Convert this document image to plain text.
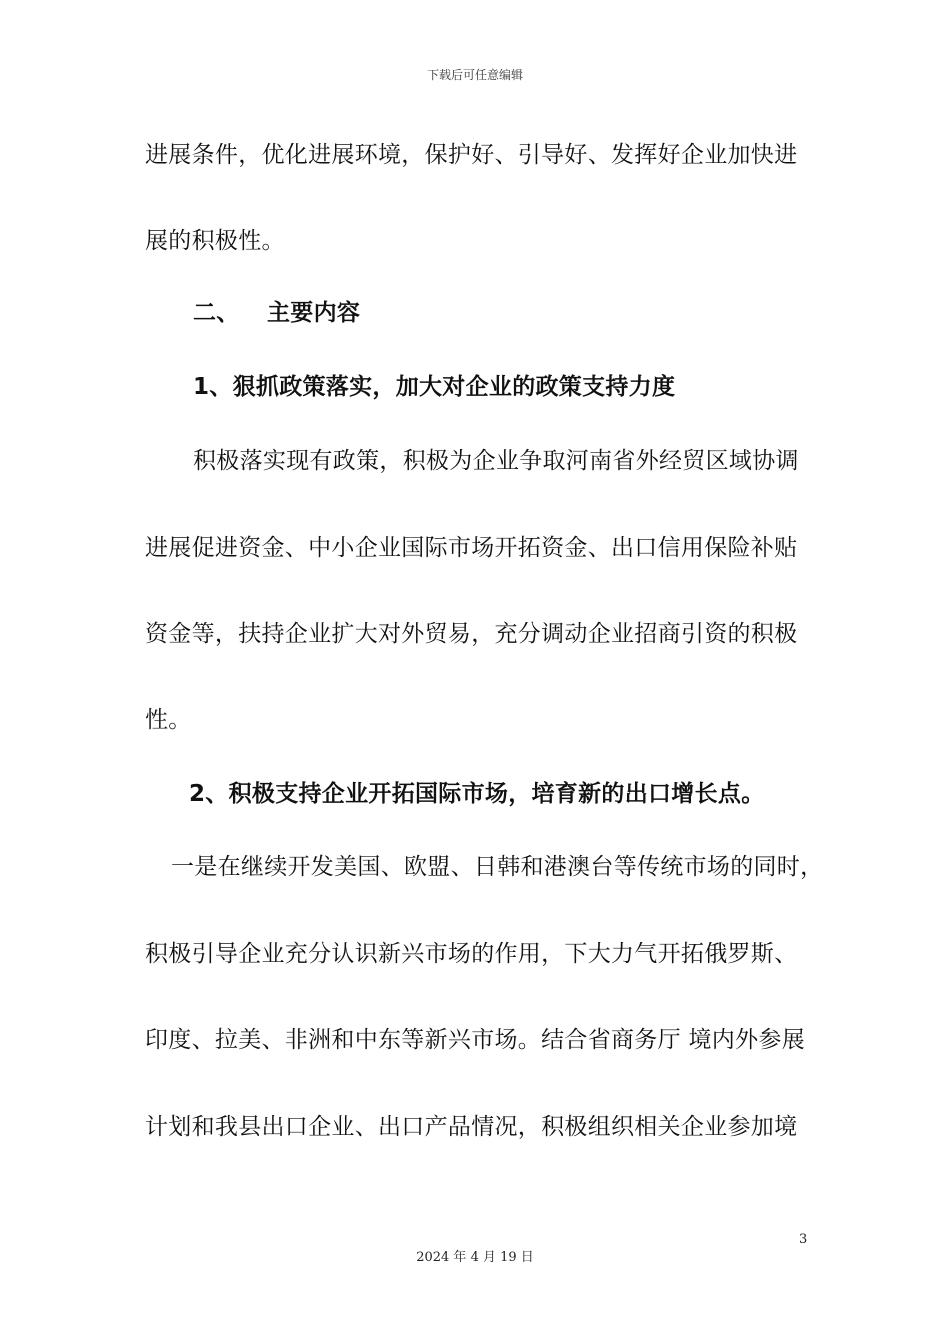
下载后可任意编辑
进展条件，优化进展环境，保护好、引导好、发挥好企业加快进
展的积极性。
二、 主要内容
1、狠抓政策落实，加大对企业的政策支持力度
积极落实现有政策，积极为企业争取河南省外经贸区域协调
进展促进资金、中小企业国际市场开拓资金、出口信用保险补贴
资金等，扶持企业扩大对外贸易，充分调动企业招商引资的积极
性。
2、积极支持企业开拓国际市场，培育新的出口增长点。
一是在继续开发美国、欧盟、日韩和港澳台等传统市场的同时，
积极引导企业充分认识新兴市场的作用，下大力气开拓俄罗斯、
印度、拉美、非洲和中东等新兴市场。结合省商务厅 境内外参展
计划和我县出口企业、出口产品情况，积极组织相关企业参加境
3
2024 年 4 月 19 日
